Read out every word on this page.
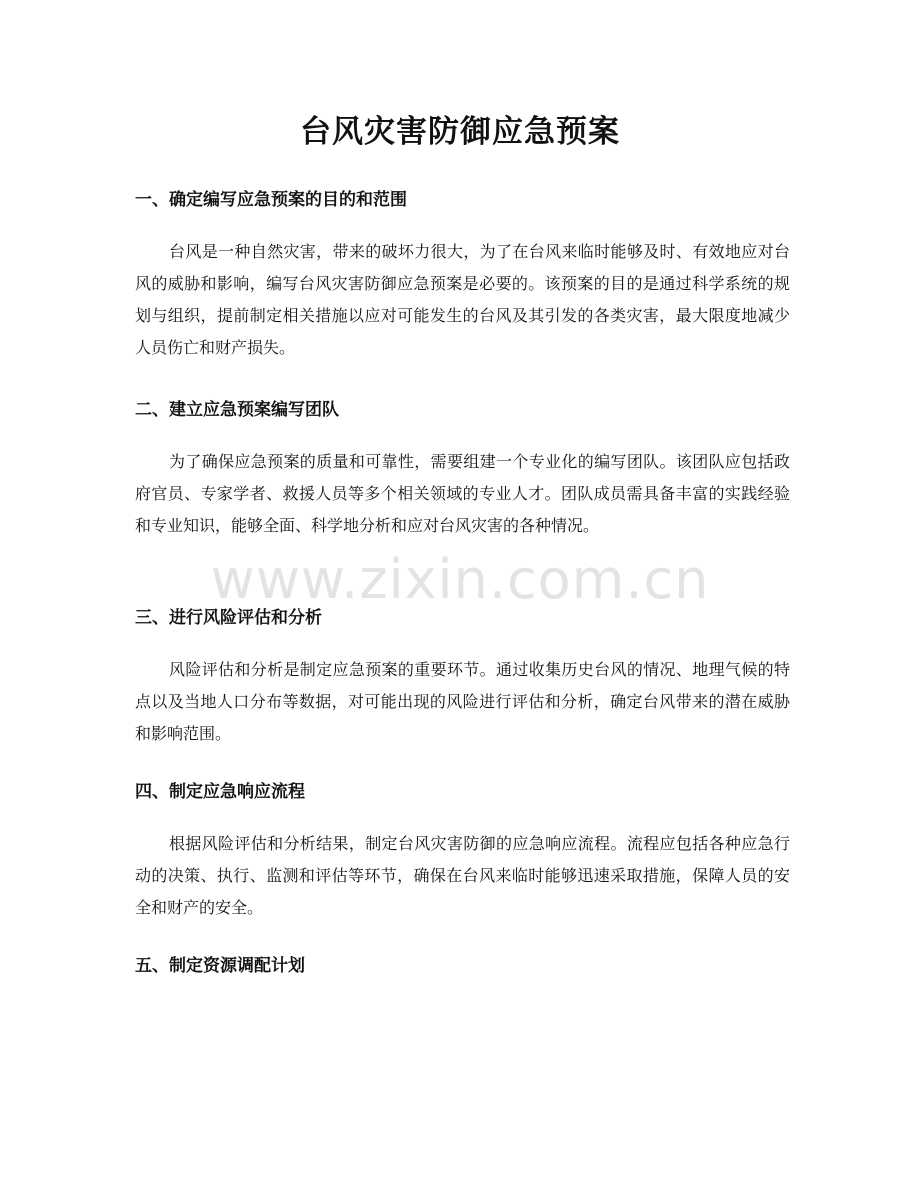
台风灾害防御应急预案
一、确定编写应急预案的目的和范围

台风是一种自然灾害，带来的破坏力很大，为了在台风来临时能够及时、有效地应对台风的威胁和影响，编写台风灾害防御应急预案是必要的。该预案的目的是通过科学系统的规划与组织，提前制定相关措施以应对可能发生的台风及其引发的各类灾害，最大限度地减少人员伤亡和财产损失。

二、建立应急预案编写团队

为了确保应急预案的质量和可靠性，需要组建一个专业化的编写团队。该团队应包括政府官员、专家学者、救援人员等多个相关领域的专业人才。团队成员需具备丰富的实践经验和专业知识，能够全面、科学地分析和应对台风灾害的各种情况。

三、进行风险评估和分析

风险评估和分析是制定应急预案的重要环节。通过收集历史台风的情况、地理气候的特点以及当地人口分布等数据，对可能出现的风险进行评估和分析，确定台风带来的潜在威胁和影响范围。

四、制定应急响应流程

根据风险评估和分析结果，制定台风灾害防御的应急响应流程。流程应包括各种应急行动的决策、执行、监测和评估等环节，确保在台风来临时能够迅速采取措施，保障人员的安全和财产的安全。

五、制定资源调配计划
www.zixin.com.cn
